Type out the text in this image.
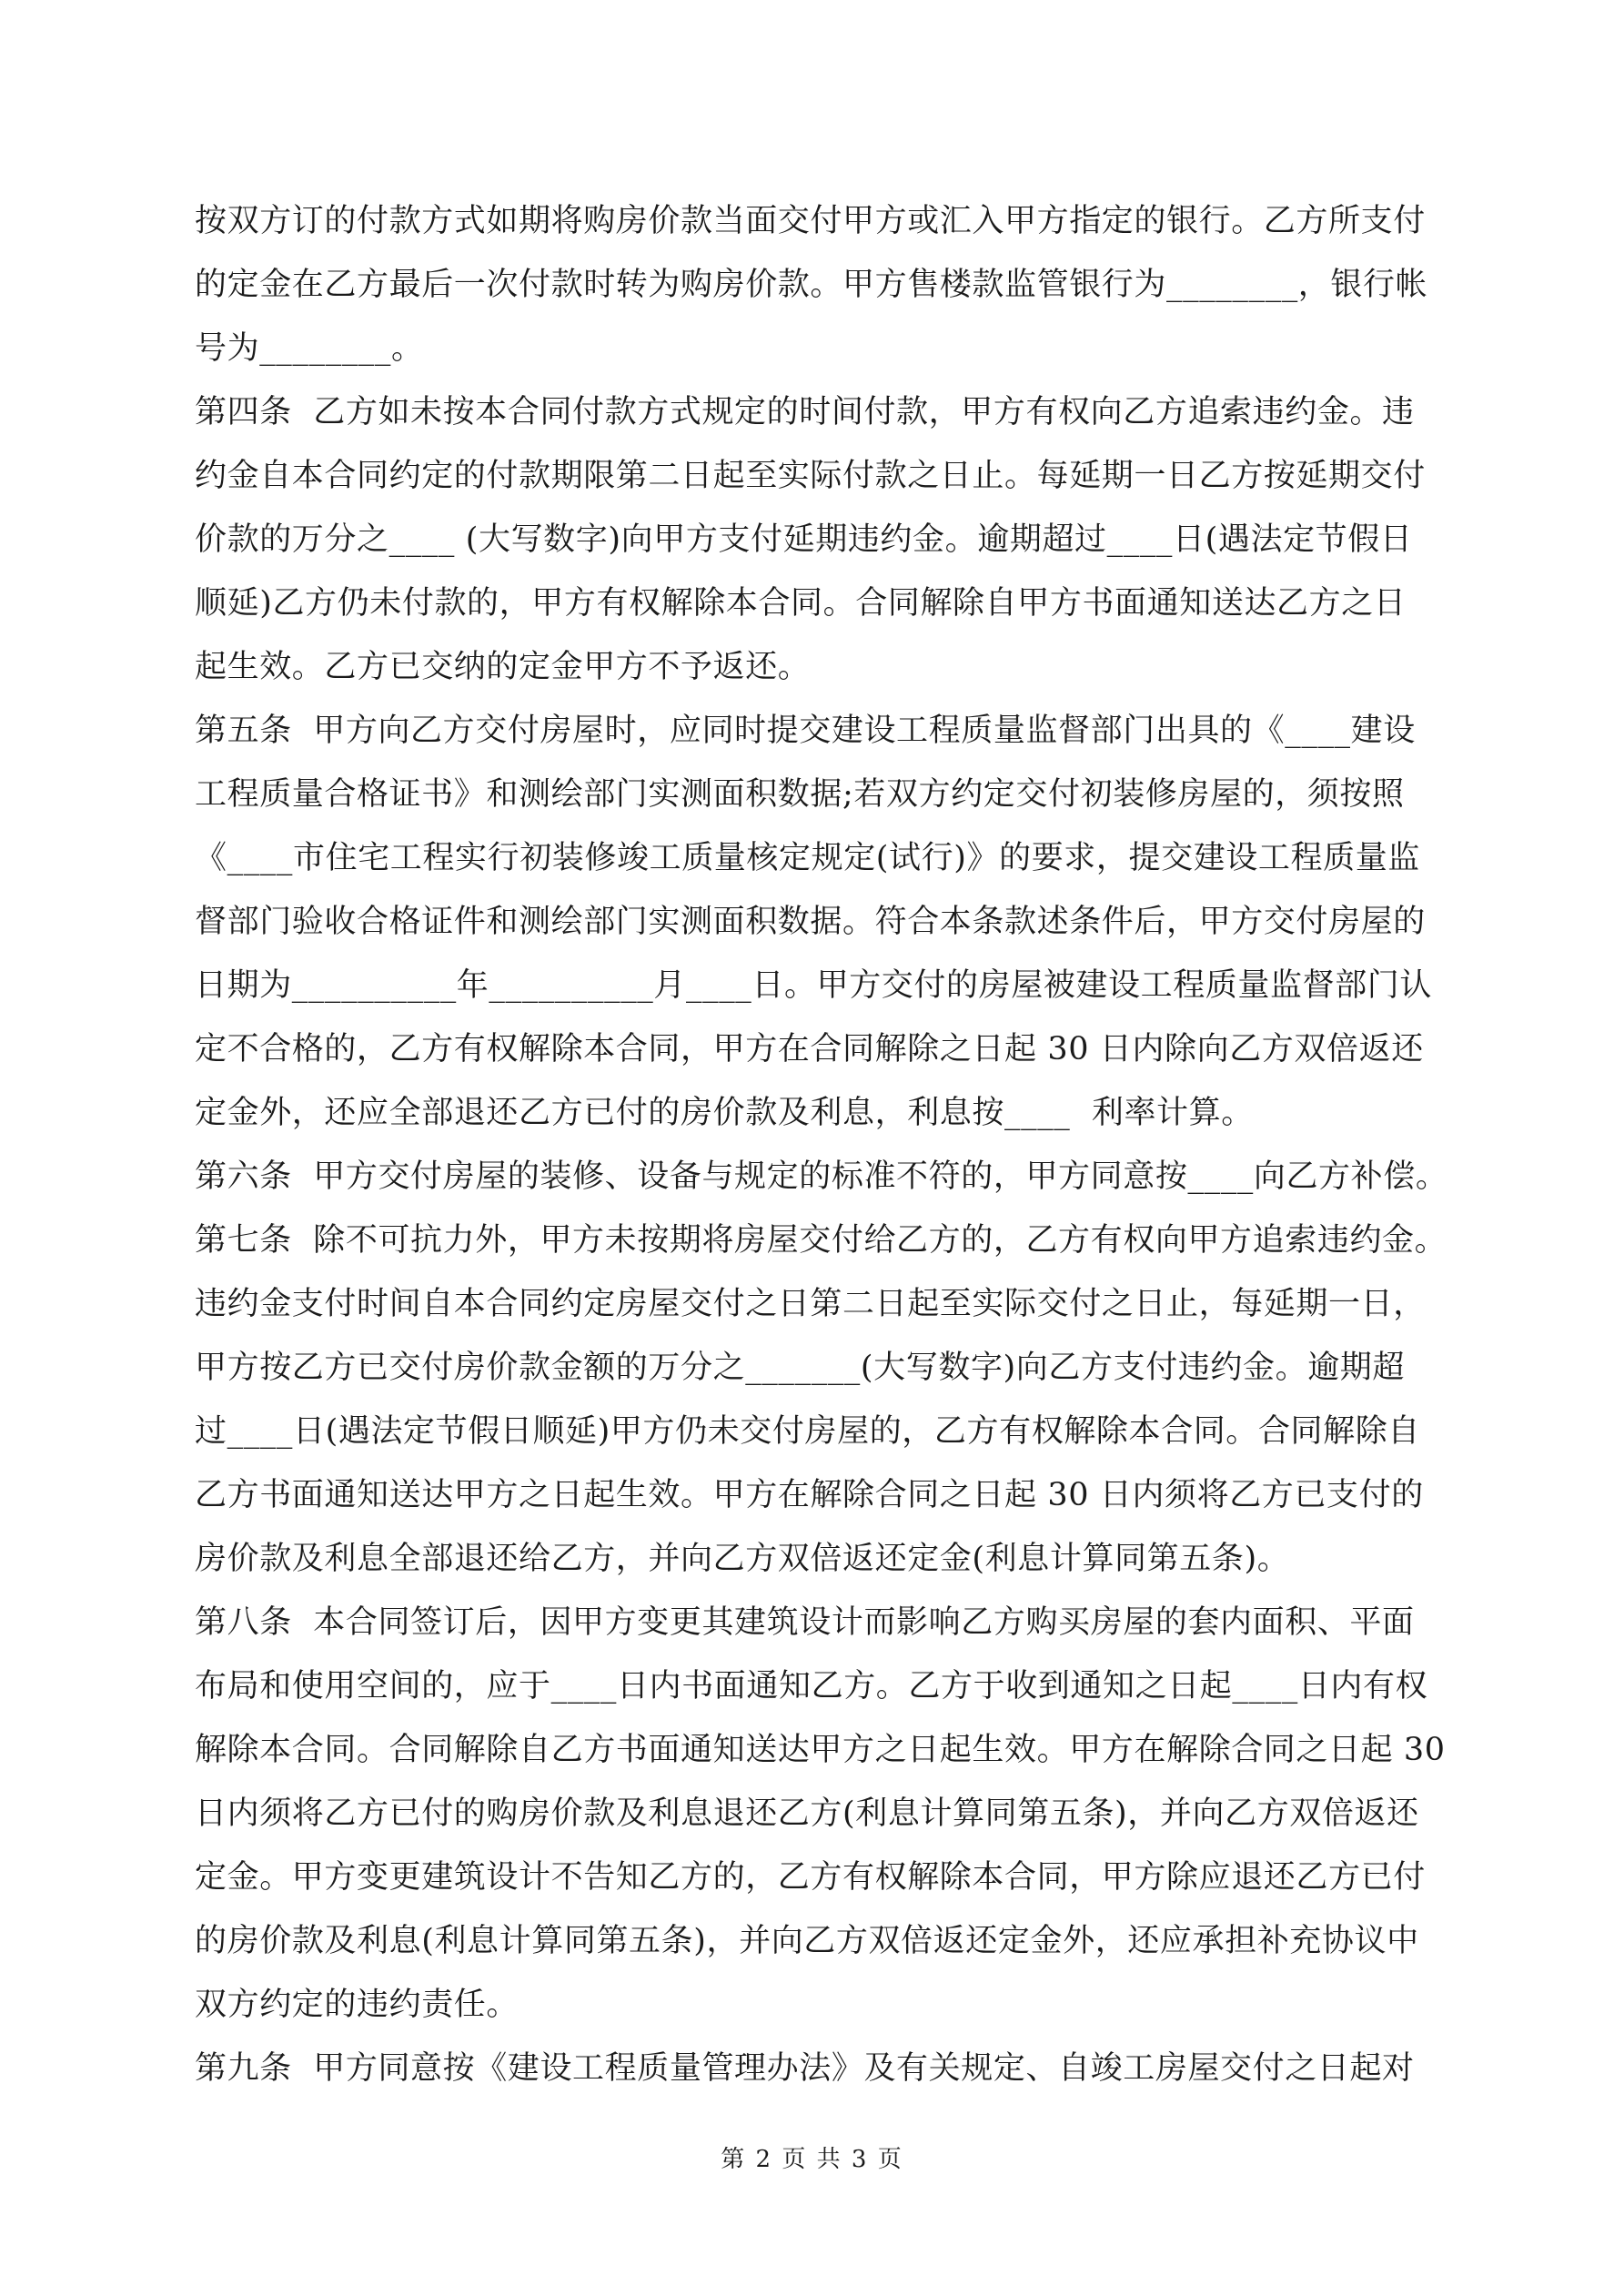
按双方订的付款方式如期将购房价款当面交付甲方或汇入甲方指定的银行。乙方所支付
的定金在乙方最后一次付款时转为购房价款。甲方售楼款监管银行为________，银行帐
号为________。
第四条  乙方如未按本合同付款方式规定的时间付款，甲方有权向乙方追索违约金。违
约金自本合同约定的付款期限第二日起至实际付款之日止。每延期一日乙方按延期交付
价款的万分之____ (大写数字)向甲方支付延期违约金。逾期超过____日(遇法定节假日
顺延)乙方仍未付款的，甲方有权解除本合同。合同解除自甲方书面通知送达乙方之日
起生效。乙方已交纳的定金甲方不予返还。
第五条  甲方向乙方交付房屋时，应同时提交建设工程质量监督部门出具的《____建设
工程质量合格证书》和测绘部门实测面积数据;若双方约定交付初装修房屋的，须按照
《____市住宅工程实行初装修竣工质量核定规定(试行)》的要求，提交建设工程质量监
督部门验收合格证件和测绘部门实测面积数据。符合本条款述条件后，甲方交付房屋的
日期为__________年__________月____日。甲方交付的房屋被建设工程质量监督部门认
定不合格的，乙方有权解除本合同，甲方在合同解除之日起 30 日内除向乙方双倍返还
定金外，还应全部退还乙方已付的房价款及利息，利息按____  利率计算。
第六条  甲方交付房屋的装修、设备与规定的标准不符的，甲方同意按____向乙方补偿。
第七条  除不可抗力外，甲方未按期将房屋交付给乙方的，乙方有权向甲方追索违约金。
违约金支付时间自本合同约定房屋交付之日第二日起至实际交付之日止，每延期一日，
甲方按乙方已交付房价款金额的万分之_______(大写数字)向乙方支付违约金。逾期超
过____日(遇法定节假日顺延)甲方仍未交付房屋的，乙方有权解除本合同。合同解除自
乙方书面通知送达甲方之日起生效。甲方在解除合同之日起 30 日内须将乙方已支付的
房价款及利息全部退还给乙方，并向乙方双倍返还定金(利息计算同第五条)。
第八条  本合同签订后，因甲方变更其建筑设计而影响乙方购买房屋的套内面积、平面
布局和使用空间的，应于____日内书面通知乙方。乙方于收到通知之日起____日内有权
解除本合同。合同解除自乙方书面通知送达甲方之日起生效。甲方在解除合同之日起 30
日内须将乙方已付的购房价款及利息退还乙方(利息计算同第五条)，并向乙方双倍返还
定金。甲方变更建筑设计不告知乙方的，乙方有权解除本合同，甲方除应退还乙方已付
的房价款及利息(利息计算同第五条)，并向乙方双倍返还定金外，还应承担补充协议中
双方约定的违约责任。
第九条  甲方同意按《建设工程质量管理办法》及有关规定、自竣工房屋交付之日起对
第 2 页 共 3 页
